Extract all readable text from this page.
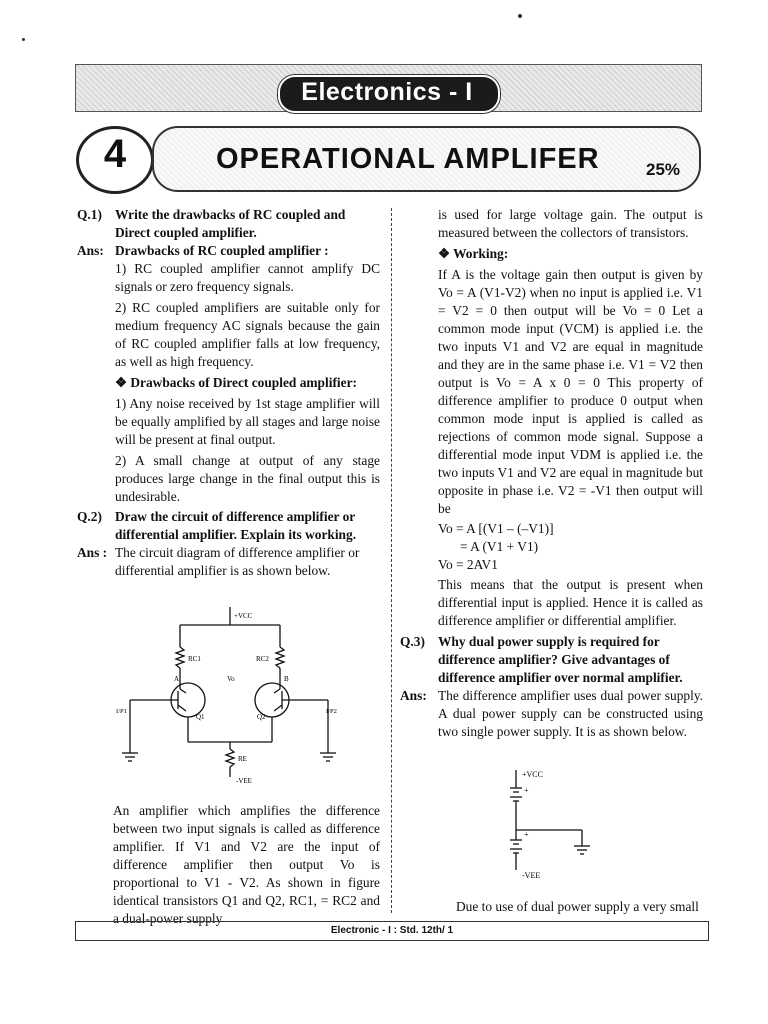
Electronics - I
4	OPERATIONAL AMPLIFER	25%
Q.1) Write the drawbacks of RC coupled and Direct coupled amplifier.
Ans: Drawbacks of RC coupled amplifier :

1) RC coupled amplifier cannot amplify DC signals or zero frequency signals.

2) RC coupled amplifiers are suitable only for medium frequency AC signals because the gain of RC coupled amplifier falls at low frequency, as well as high frequency.

❖ Drawbacks of Direct coupled amplifier:

1) Any noise received by 1st stage amplifier will be equally amplified by all stages and large noise will be present at final output.

2) A small change at output of any stage produces large change in the final output this is undesirable.

Q.2) Draw the circuit of difference amplifier or differential amplifier. Explain its working.
Ans : The circuit diagram of difference amplifier or differential amplifier is as shown below.
+VCC
RC1	RC2
A	B
Vo
Q1	Q2
I/P1	I/P2
RE
-VEE
An amplifier which amplifies the difference between two input signals is called as difference amplifier. If V1 and V2 are the input of difference amplifier then output Vo is proportional to V1 - V2. As shown in figure identical transistors Q1 and Q2, RC1, = RC2 and a dual-power supply

is used for large voltage gain. The output is measured between the collectors of transistors.

❖ Working:

If A is the voltage gain then output is given by Vo = A (V1-V2) when no input is applied i.e. V1 = V2 = 0 then output will be Vo = 0 Let a common mode input (VCM) is applied i.e. the two inputs V1 and V2 are equal in magnitude and they are in the same phase i.e. V1 = V2 then output is Vo = A x 0 = 0 This property of difference amplifier to produce 0 output when common mode input is applied is called as rejections of common mode signal. Suppose a differential mode input VDM is applied i.e. the two inputs V1 and V2 are equal in magnitude but opposite in phase i.e. V2 = -V1 then output will be

Vo = A [(V1 – (–V1)]

= A (V1 + V1)

Vo = 2AV1

This means that the output is present when differential input is applied. Hence it is called as difference amplifier or differential amplifier.

Q.3) Why dual power supply is required for difference amplifier? Give advantages of difference amplifier over normal amplifier.
Ans: The difference amplifier uses dual power supply. A dual power supply can be constructed using two single power supply. It is as shown below.
+VCC
+
+
-VEE
Due to use of dual power supply a very small
Electronic - I : Std. 12th/ 1
